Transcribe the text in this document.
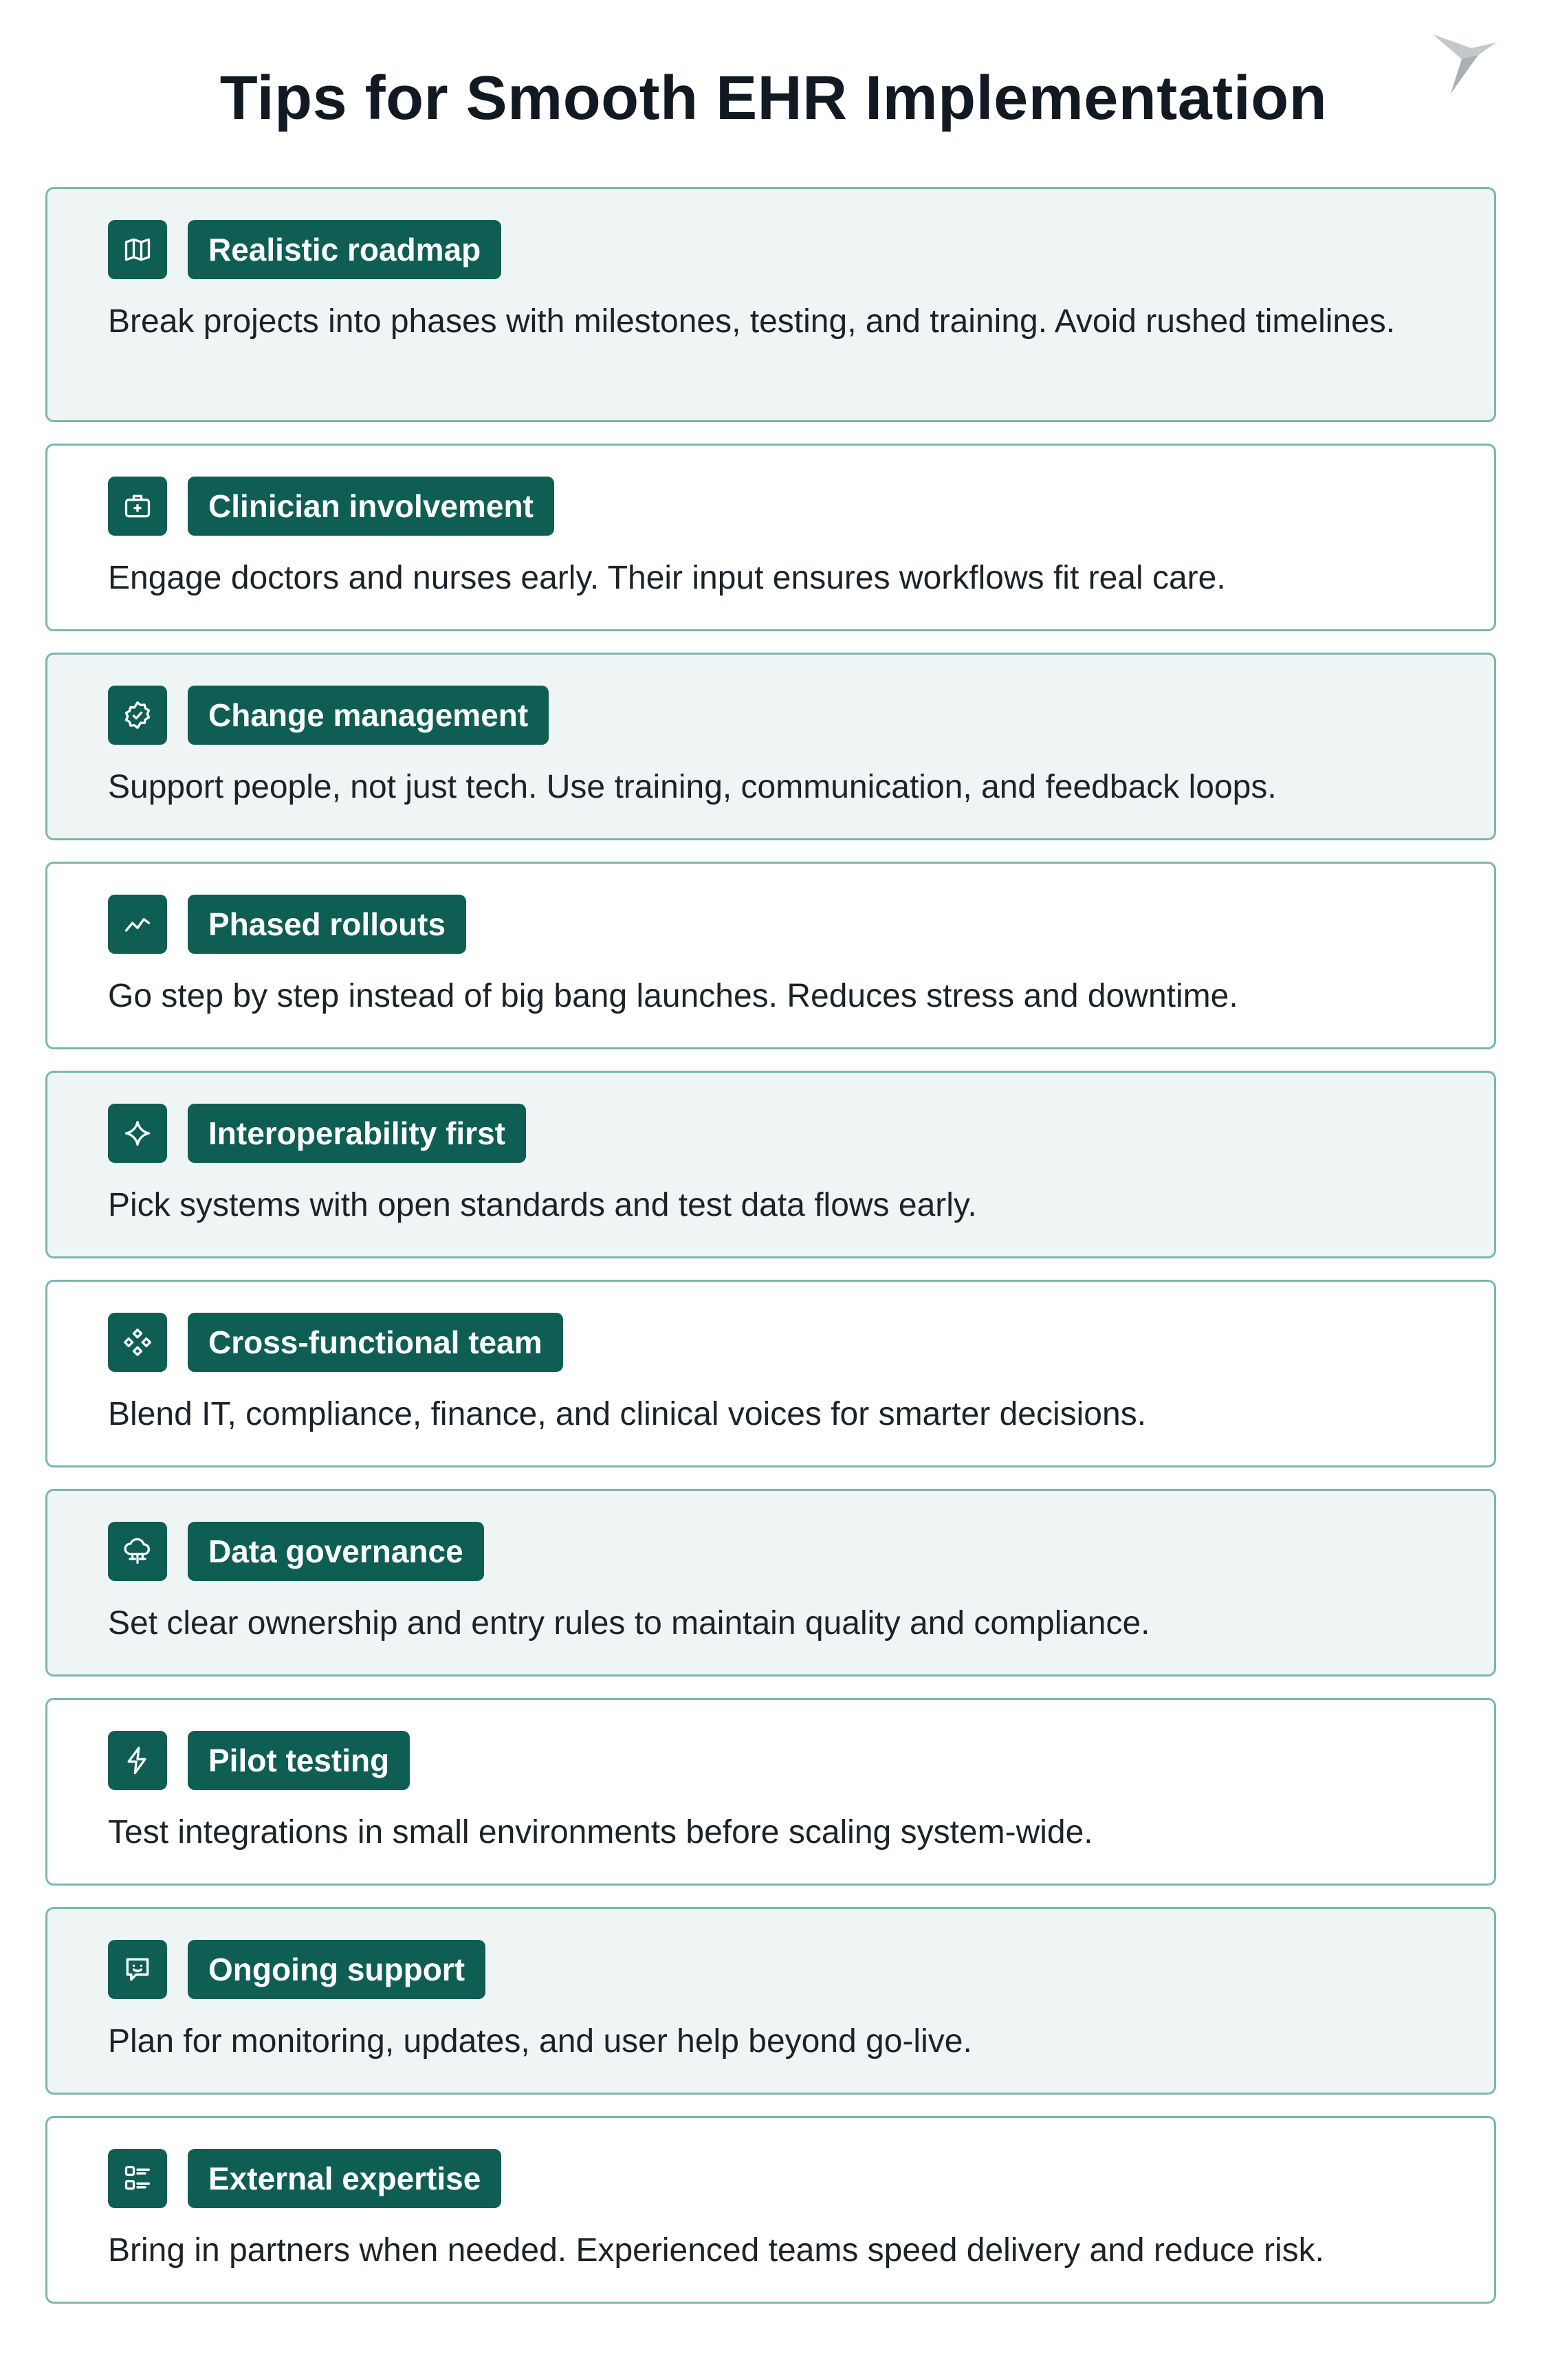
Tips for Smooth EHR Implementation
Realistic roadmap

Break projects into phases with milestones, testing, and training. Avoid rushed timelines.

Clinician involvement

Engage doctors and nurses early. Their input ensures workflows fit real care.

Change management

Support people, not just tech. Use training, communication, and feedback loops.

Phased rollouts

Go step by step instead of big bang launches. Reduces stress and downtime.

Interoperability first

Pick systems with open standards and test data flows early.

Cross-functional team

Blend IT, compliance, finance, and clinical voices for smarter decisions.

Data governance

Set clear ownership and entry rules to maintain quality and compliance.

Pilot testing

Test integrations in small environments before scaling system-wide.

Ongoing support

Plan for monitoring, updates, and user help beyond go-live.

External expertise

Bring in partners when needed. Experienced teams speed delivery and reduce risk.
